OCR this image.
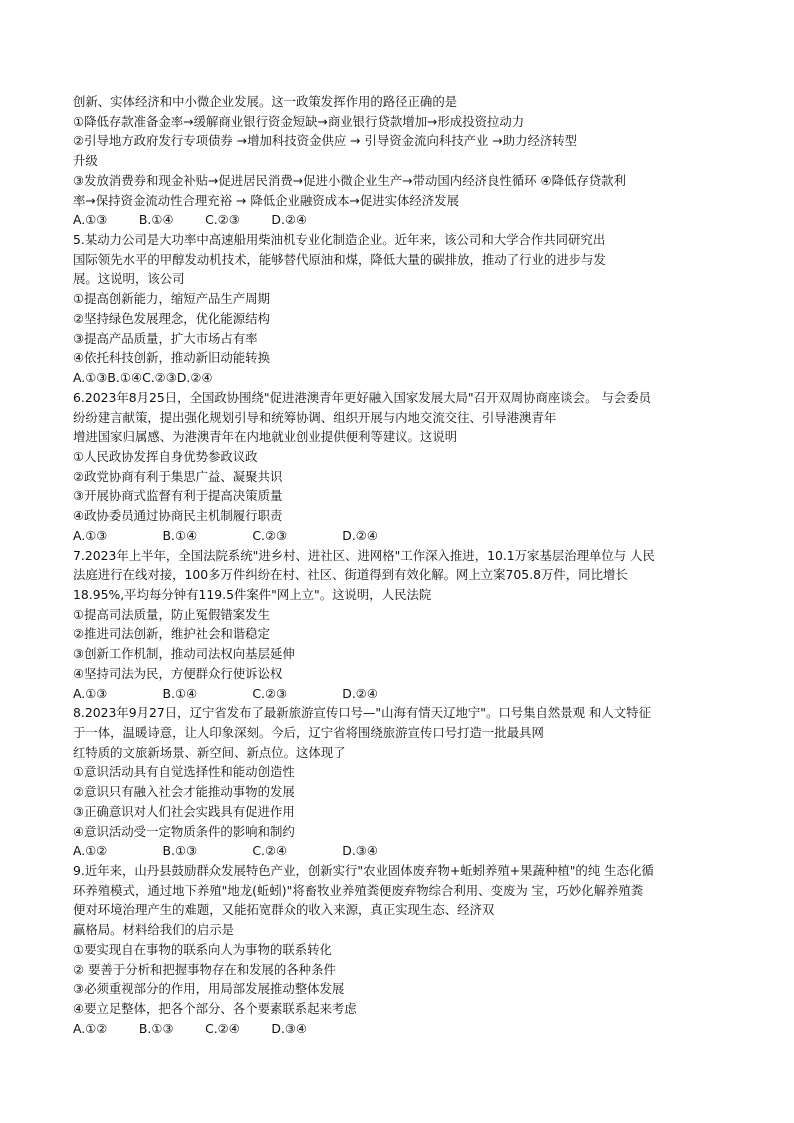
创新、实体经济和中小微企业发展。这一政策发挥作用的路径正确的是
①降低存款准备金率→缓解商业银行资金短缺→商业银行贷款增加→形成投资拉动力
②引导地方政府发行专项债券 →增加科技资金供应 → 引导资金流向科技产业 →助力经济转型
升级
③发放消费券和现金补贴→促进居民消费→促进小微企业生产→带动国内经济良性循环 ④降低存贷款利
率→保持资金流动性合理充裕 → 降低企业融资成本→促进实体经济发展
A.①③        B.①④        C.②③        D.②④
5.某动力公司是大功率中高速船用柴油机专业化制造企业。近年来，该公司和大学合作共同研究出
国际领先水平的甲醇发动机技术，能够替代原油和煤，降低大量的碳排放，推动了行业的进步与发
展。这说明，该公司
①提高创新能力，缩短产品生产周期
②坚持绿色发展理念，优化能源结构
③提高产品质量，扩大市场占有率
④依托科技创新，推动新旧动能转换
A.①③B.①④C.②③D.②④
6.2023年8月25日，全国政协围绕"促进港澳青年更好融入国家发展大局"召开双周协商座谈会。 与会委员
纷纷建言献策，提出强化规划引导和统筹协调、组织开展与内地交流交往、引导港澳青年
增进国家归属感、为港澳青年在内地就业创业提供便利等建议。这说明
①人民政协发挥自身优势参政议政
②政党协商有利于集思广益、凝聚共识
③开展协商式监督有利于提高决策质量
④政协委员通过协商民主机制履行职责
A.①③              B.①④              C.②③              D.②④
7.2023年上半年，全国法院系统"进乡村、进社区、进网格"工作深入推进，10.1万家基层治理单位与 人民
法庭进行在线对接，100多万件纠纷在村、社区、街道得到有效化解。网上立案705.8万件，同比增长
18.95%,平均每分钟有119.5件案件"网上立"。这说明，人民法院
①提高司法质量，防止冤假错案发生
②推进司法创新，维护社会和谐稳定
③创新工作机制，推动司法权向基层延伸
④坚持司法为民，方便群众行使诉讼权
A.①③              B.①④              C.②③              D.②④
8.2023年9月27日，辽宁省发布了最新旅游宣传口号—"山海有情天辽地宁"。口号集自然景观 和人文特征
于一体，温暖诗意，让人印象深刻。今后，辽宁省将围绕旅游宣传口号打造一批最具网
红特质的文旅新场景、新空间、新点位。这体现了
①意识活动具有自觉选择性和能动创造性
②意识只有融入社会才能推动事物的发展
③正确意识对人们社会实践具有促进作用
④意识活动受一定物质条件的影响和制约
A.①②              B.①③              C.②④              D.③④
9.近年来，山丹县鼓励群众发展特色产业，创新实行"农业固体废弃物+蚯蚓养殖+果蔬种植"的纯 生态化循
环养殖模式，通过地下养殖"地龙(蚯蚓)"将畜牧业养殖粪便废弃物综合利用、变废为 宝，巧妙化解养殖粪
便对环境治理产生的难题，又能拓宽群众的收入来源，真正实现生态、经济双
赢格局。材料给我们的启示是
①要实现自在事物的联系向人为事物的联系转化
② 要善于分析和把握事物存在和发展的各种条件
③必须重视部分的作用，用局部发展推动整体发展
④要立足整体，把各个部分、各个要素联系起来考虑
A.①②        B.①③        C.②④        D.③④
